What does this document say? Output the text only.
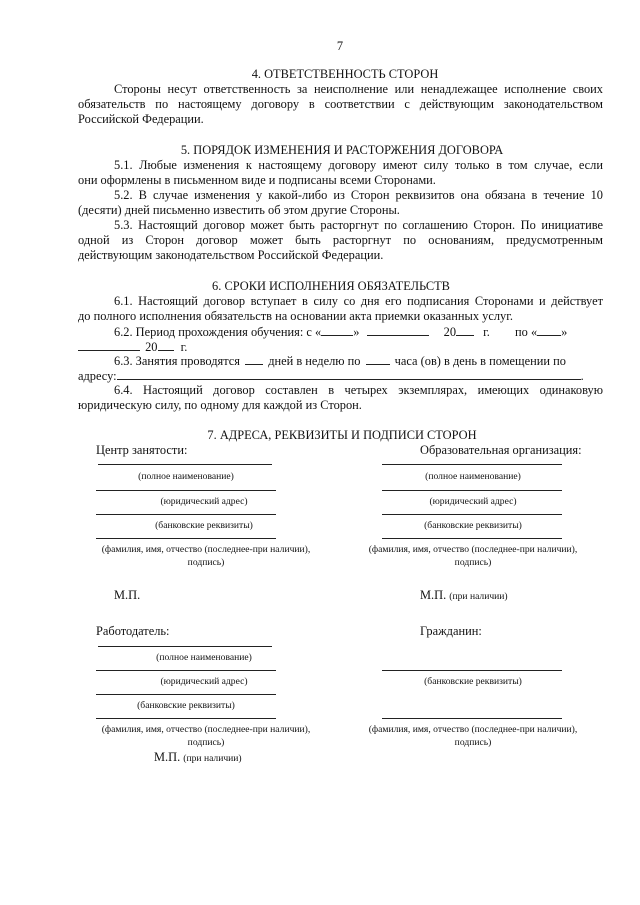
7
4. ОТВЕТСТВЕННОСТЬ СТОРОН
Стороны несут ответственность за неисполнение или ненадлежащее исполнение своих
обязательств по настоящему договору в соответствии с действующим законодательством
Российской Федерации.
5. ПОРЯДОК ИЗМЕНЕНИЯ И РАСТОРЖЕНИЯ ДОГОВОРА
5.1. Любые изменения к настоящему договору имеют силу только в том случае, если
они оформлены в письменном виде и подписаны всеми Сторонами.
5.2. В случае изменения у какой-либо из Сторон реквизитов она обязана в течение 10
(десяти) дней письменно известить об этом другие Стороны.
5.3. Настоящий договор может быть расторгнут по соглашению Сторон. По инициативе
одной из Сторон договор может быть расторгнут по основаниям, предусмотренным
действующим законодательством Российской Федерации.
6. СРОКИ ИСПОЛНЕНИЯ ОБЯЗАТЕЛЬСТВ
6.1. Настоящий договор вступает в силу со дня его подписания Сторонами и действует
до полного исполнения обязательств на основании акта приемки оказанных услуг.
6.2. Период прохождения обучения: с «	»	20 г. по « »
20 г.
6.3. Занятия проводятся дней в неделю по	часа (ов) в день в помещении по
адресу:	.
6.4. Настоящий договор составлен в четырех экземплярах, имеющих одинаковую
юридическую силу, по одному для каждой из Сторон.
7. АДРЕСА, РЕКВИЗИТЫ И ПОДПИСИ СТОРОН
Центр занятости:
(полное наименование)
(юридический адрес)
(банковские реквизиты)
(фамилия, имя, отчество (последнее-при наличии),
подпись)
М.П.
Образовательная организация:
(полное наименование)
(юридический адрес)
(банковские реквизиты)
(фамилия, имя, отчество (последнее-при наличии),
подпись)
М.П. (при наличии)
Работодатель:
(полное наименование)
(юридический адрес)
(банковские реквизиты)
(фамилия, имя, отчество (последнее-при наличии),
подпись)
М.П. (при наличии)
Гражданин:
(банковские реквизиты)
(фамилия, имя, отчество (последнее-при наличии),
подпись)
